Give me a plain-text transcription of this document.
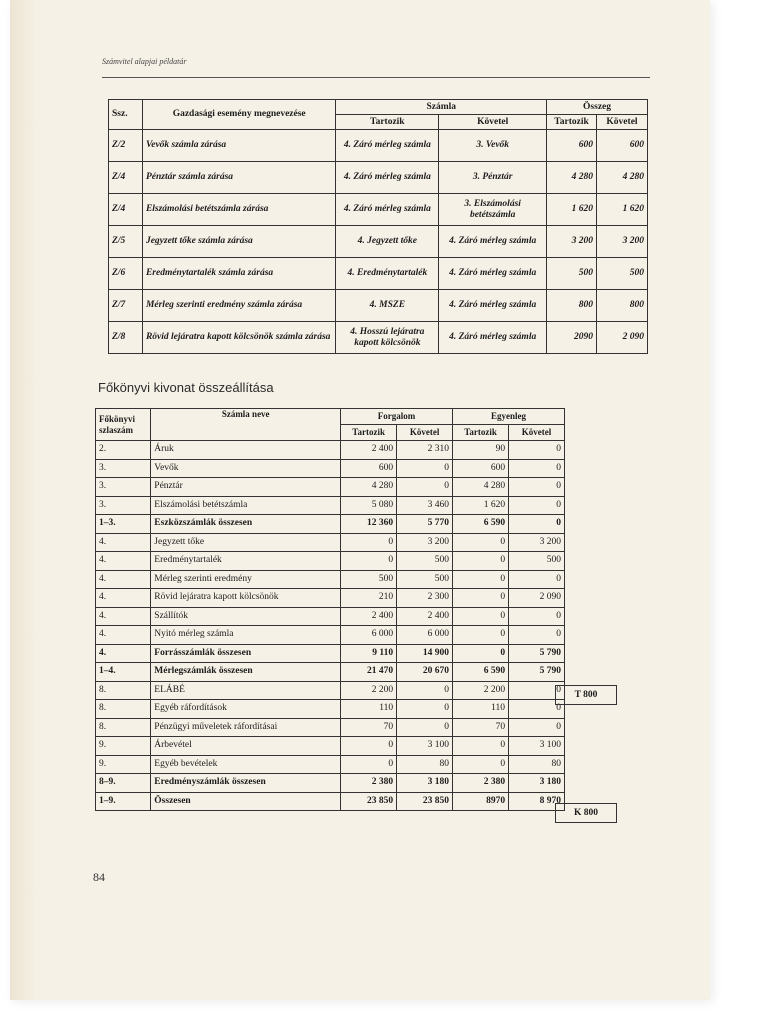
Számvitel alapjai példatár
Ssz.	Gazdasági esemény megnevezése	Számla		Összeg	
		Tartozik	Követel	Tartozik	Követel
Z/2	Vevők számla zárása	4. Záró mérleg számla	3. Vevők	600	600
Z/4	Pénztár számla zárása	4. Záró mérleg számla	3. Pénztár	4 280	4 280
Z/4	Elszámolási betétszámla zárása	4. Záró mérleg számla	3. Elszámolási betétszámla	1 620	1 620
Z/5	Jegyzett tőke számla zárása	4. Jegyzett tőke	4. Záró mérleg számla	3 200	3 200
Z/6	Eredménytartalék számla zárása	4. Eredménytartalék	4. Záró mérleg számla	500	500
Z/7	Mérleg szerinti eredmény számla zárása	4. MSZE	4. Záró mérleg számla	800	800
Z/8	Rövid lejáratra kapott kölcsönök számla zárása	4. Hosszú lejáratra kapott kölcsönök	4. Záró mérleg számla	2090	2 090
Főkönyvi kivonat összeállítása
Főkönyvi szlaszám	Számla neve	Forgalom		Egyenleg	
		Tartozik	Követel	Tartozik	Követel
2.	Áruk	2 400	2 310	90	0
3.	Vevők	600	0	600	0
3.	Pénztár	4 280	0	4 280	0
3.	Elszámolási betétszámla	5 080	3 460	1 620	0
1–3.	Eszközszámlák összesen	12 360	5 770	6 590	0
4.	Jegyzett tőke	0	3 200	0	3 200
4.	Eredménytartalék	0	500	0	500
4.	Mérleg szerinti eredmény	500	500	0	0
4.	Rövid lejáratra kapott kölcsönök	210	2 300	0	2 090
4.	Szállítók	2 400	2 400	0	0
4.	Nyitó mérleg számla	6 000	6 000	0	0
4.	Forrásszámlák összesen	9 110	14 900	0	5 790
1–4.	Mérlegszámlák összesen	21 470	20 670	6 590	5 790
8.	ELÁBÉ	2 200	0	2 200	0
8.	Egyéb ráfordítások	110	0	110	0
8.	Pénzügyi műveletek ráfordításai	70	0	70	0
9.	Árbevétel	0	3 100	0	3 100
9.	Egyéb bevételek	0	80	0	80
8–9.	Eredményszámlák összesen	2 380	3 180	2 380	3 180
1–9.	Összesen	23 850	23 850	8970	8 970
T 800
K 800
84
